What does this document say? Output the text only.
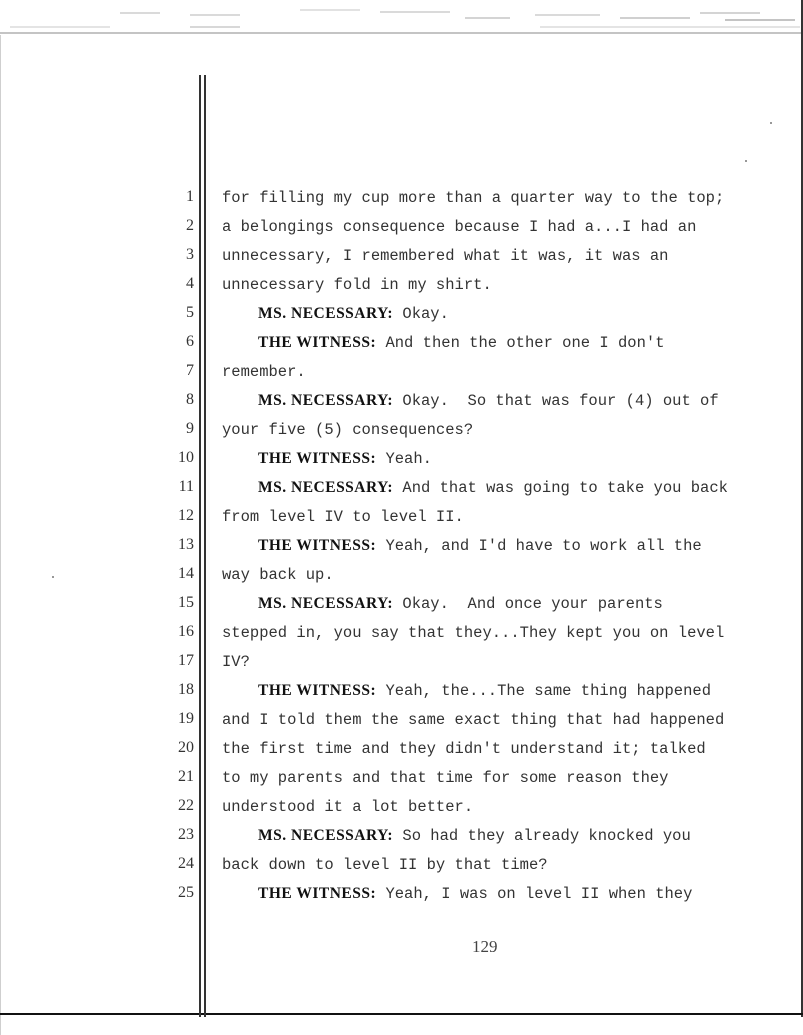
1 for filling my cup more than a quarter way to the top;
2 a belongings consequence because I had a...I had an
3 unnecessary, I remembered what it was, it was an
4 unnecessary fold in my shirt.
5	MS. NECESSARY: Okay.
6	THE WITNESS: And then the other one I don't
7 remember.
8	MS. NECESSARY: Okay.  So that was four (4) out of
9 your five (5) consequences?
10	THE WITNESS: Yeah.
11	MS. NECESSARY: And that was going to take you back
12 from level IV to level II.
13	THE WITNESS: Yeah, and I'd have to work all the
14 way back up.
15	MS. NECESSARY: Okay.  And once your parents
16 stepped in, you say that they...They kept you on level
17 IV?
18	THE WITNESS: Yeah, the...The same thing happened
19 and I told them the same exact thing that had happened
20 the first time and they didn't understand it; talked
21 to my parents and that time for some reason they
22 understood it a lot better.
23	MS. NECESSARY: So had they already knocked you
24 back down to level II by that time?
25	THE WITNESS: Yeah, I was on level II when they
129
